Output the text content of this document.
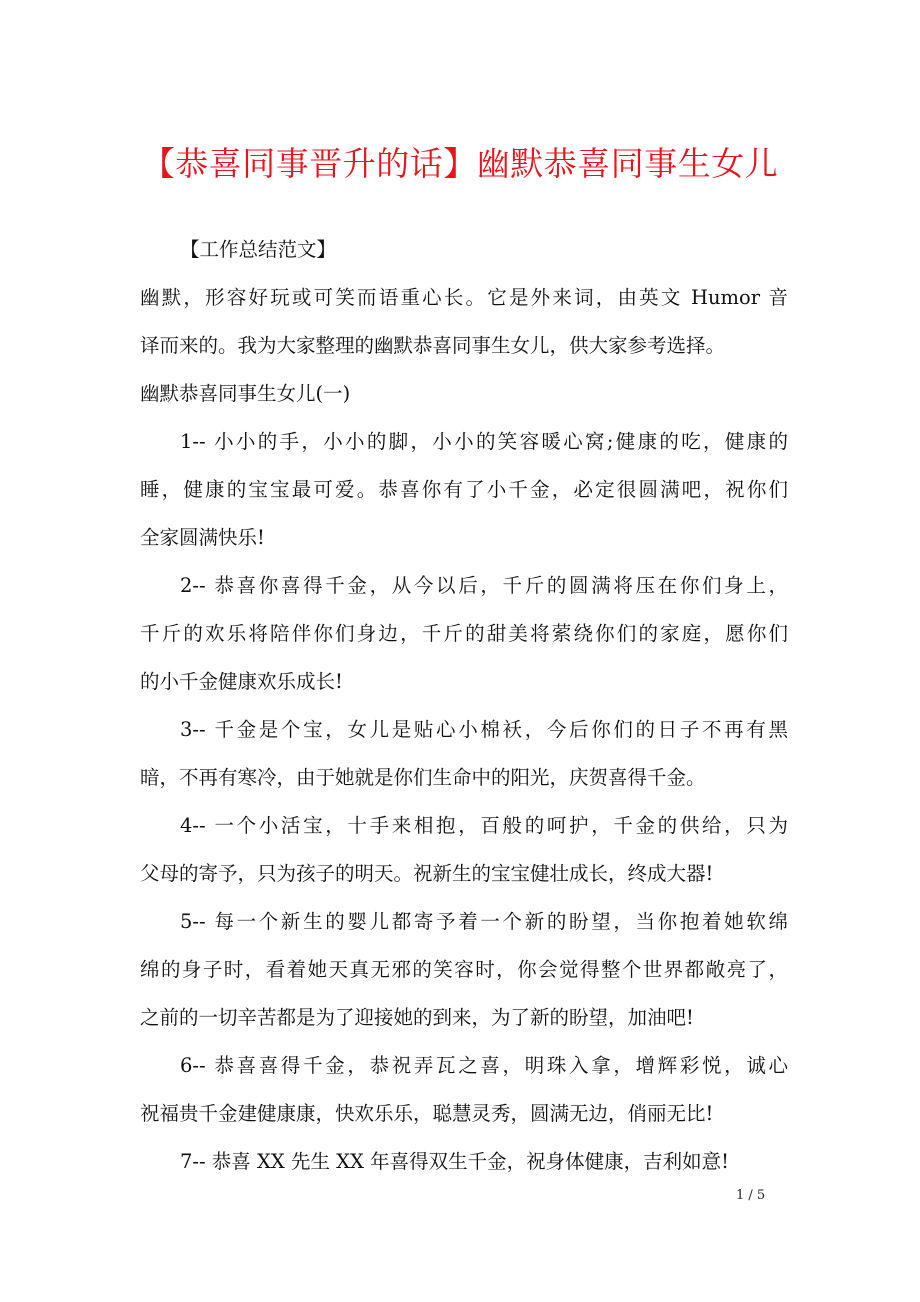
【恭喜同事晋升的话】幽默恭喜同事生女儿
【工作总结范文】
幽默，形容好玩或可笑而语重心长。它是外来词，由英文 Humor 音
译而来的。我为大家整理的幽默恭喜同事生女儿，供大家参考选择。
幽默恭喜同事生女儿(一)
1-- 小小的手，小小的脚，小小的笑容暖心窝;健康的吃，健康的
睡，健康的宝宝最可爱。恭喜你有了小千金，必定很圆满吧，祝你们
全家圆满快乐!
2-- 恭喜你喜得千金，从今以后，千斤的圆满将压在你们身上，
千斤的欢乐将陪伴你们身边，千斤的甜美将萦绕你们的家庭，愿你们
的小千金健康欢乐成长!
3-- 千金是个宝，女儿是贴心小棉袄，今后你们的日子不再有黑
暗，不再有寒冷，由于她就是你们生命中的阳光，庆贺喜得千金。
4-- 一个小活宝，十手来相抱，百般的呵护，千金的供给，只为
父母的寄予，只为孩子的明天。祝新生的宝宝健壮成长，终成大器!
5-- 每一个新生的婴儿都寄予着一个新的盼望，当你抱着她软绵
绵的身子时，看着她天真无邪的笑容时，你会觉得整个世界都敞亮了，
之前的一切辛苦都是为了迎接她的到来，为了新的盼望，加油吧!
6-- 恭喜喜得千金，恭祝弄瓦之喜，明珠入拿，增辉彩悦，诚心
祝福贵千金建健康康，快欢乐乐，聪慧灵秀，圆满无边，俏丽无比!
7-- 恭喜 XX 先生 XX 年喜得双生千金，祝身体健康，吉利如意!
1 / 5
